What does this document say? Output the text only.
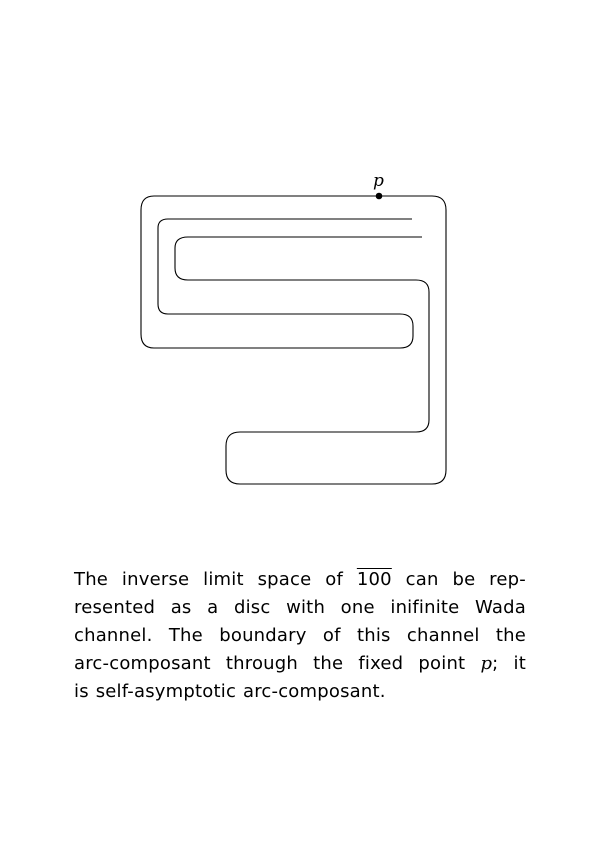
p
The inverse limit space of 100 can be rep-
resented as a disc with one inifinite Wada
channel. The boundary of this channel the
arc-composant through the fixed point p; it
is self-asymptotic arc-composant.
